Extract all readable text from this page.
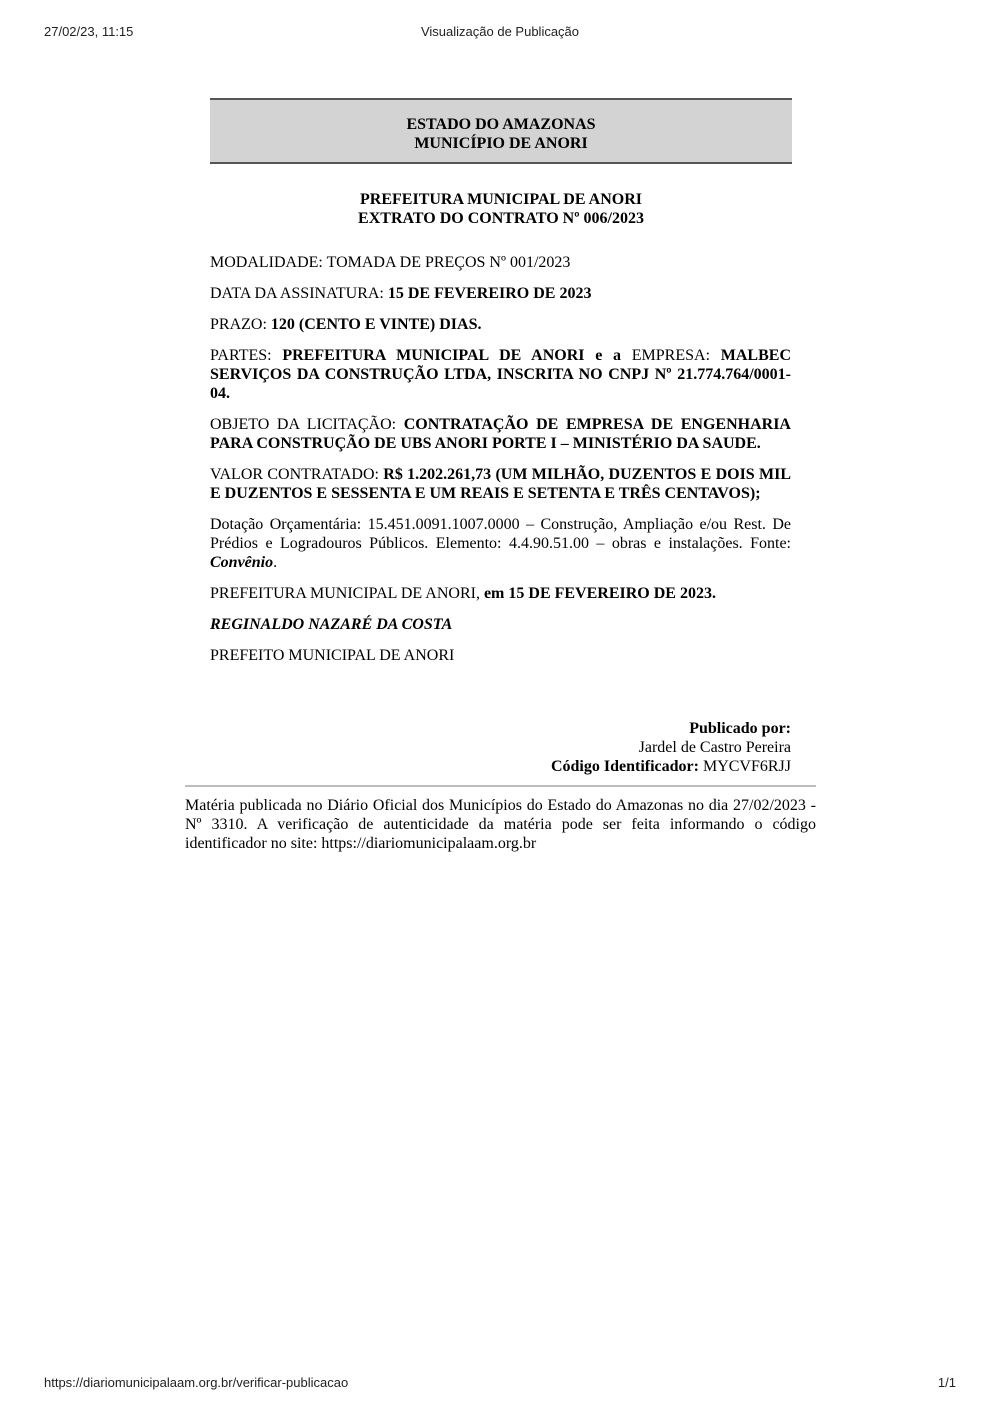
27/02/23, 11:15	Visualização de Publicação
ESTADO DO AMAZONAS
MUNICÍPIO DE ANORI
PREFEITURA MUNICIPAL DE ANORI
EXTRATO DO CONTRATO Nº 006/2023

MODALIDADE: TOMADA DE PREÇOS Nº 001/2023

DATA DA ASSINATURA: 15 DE FEVEREIRO DE 2023

PRAZO: 120 (CENTO E VINTE) DIAS.

PARTES: PREFEITURA MUNICIPAL DE ANORI e a EMPRESA: MALBEC SERVIÇOS DA CONSTRUÇÃO LTDA, INSCRITA NO CNPJ Nº 21.774.764/0001- 04.

OBJETO DA LICITAÇÃO: CONTRATAÇÃO DE EMPRESA DE ENGENHARIA PARA CONSTRUÇÃO DE UBS ANORI PORTE I – MINISTÉRIO DA SAUDE.

VALOR CONTRATADO: R$ 1.202.261,73 (UM MILHÃO, DUZENTOS E DOIS MIL E DUZENTOS E SESSENTA E UM REAIS E SETENTA E TRÊS CENTAVOS);

Dotação Orçamentária: 15.451.0091.1007.0000 – Construção, Ampliação e/ou Rest. De Prédios e Logradouros Públicos. Elemento: 4.4.90.51.00 – obras e instalações. Fonte: Convênio.

PREFEITURA MUNICIPAL DE ANORI, em 15 DE FEVEREIRO DE 2023.

REGINALDO NAZARÉ DA COSTA

PREFEITO MUNICIPAL DE ANORI

Publicado por:
Jardel de Castro Pereira
Código Identificador: MYCVF6RJJ
Matéria publicada no Diário Oficial dos Municípios do Estado do Amazonas no dia 27/02/2023 - Nº 3310. A verificação de autenticidade da matéria pode ser feita informando o código identificador no site: https://diariomunicipalaam.org.br
https://diariomunicipalaam.org.br/verificar-publicacao	1/1
